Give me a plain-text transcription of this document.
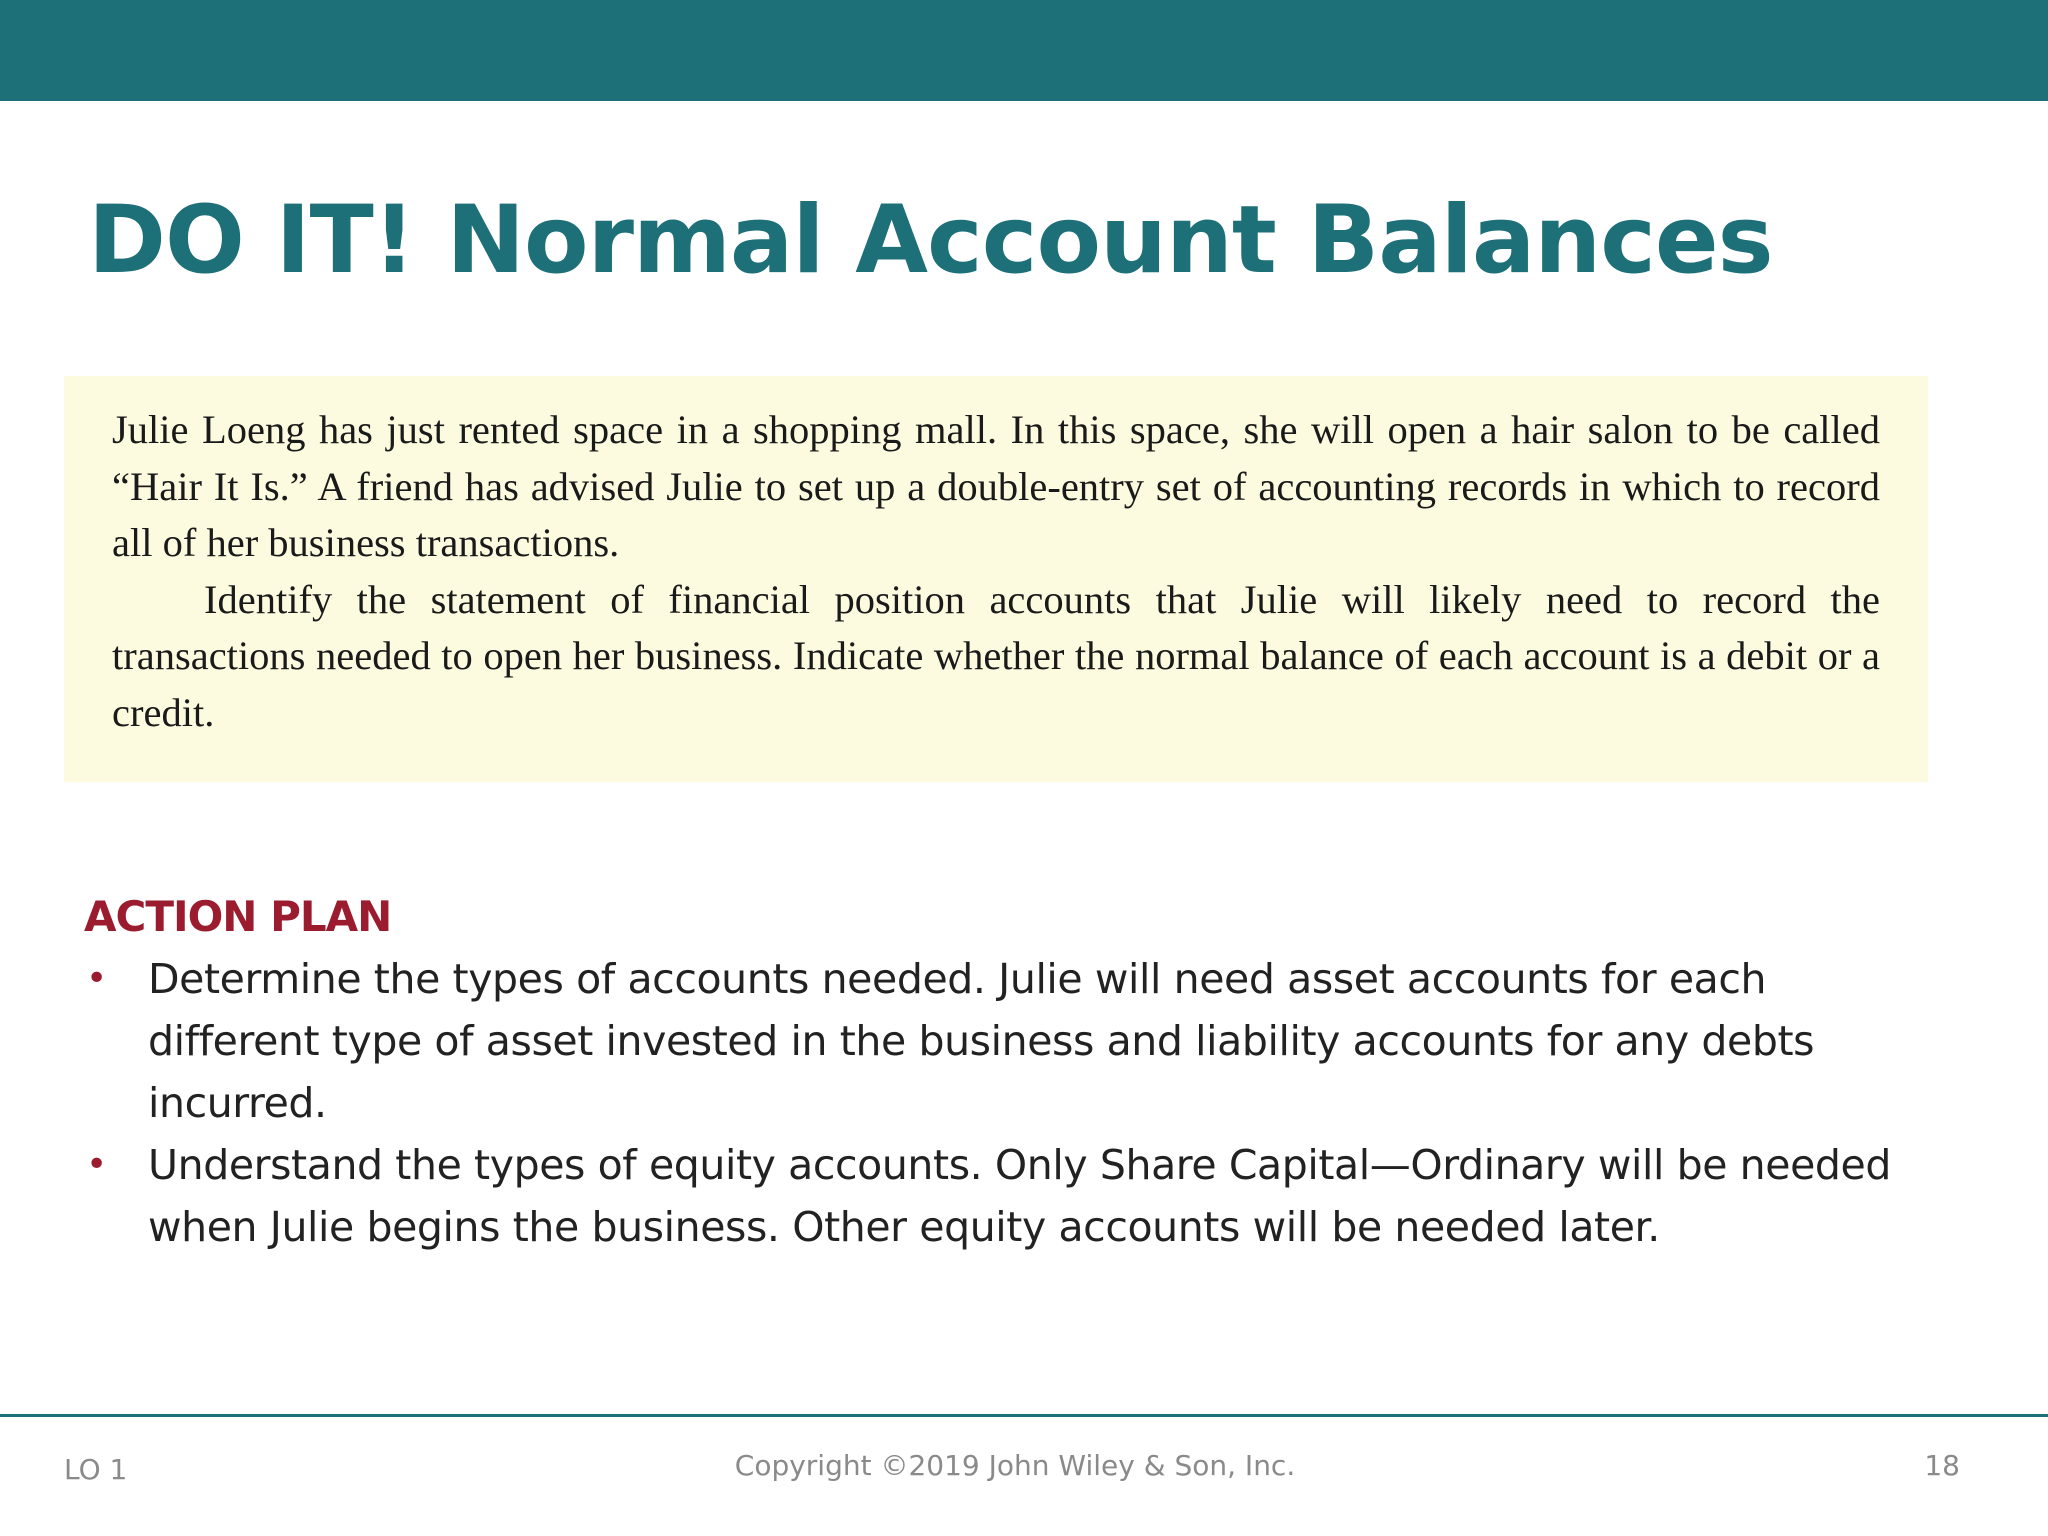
DO IT! Normal Account Balances

Julie Loeng has just rented space in a shopping mall. In this space, she will open a hair salon to be called “Hair It Is.” A friend has advised Julie to set up a double-entry set of accounting records in which to record all of her business transactions.

Identify the statement of financial position accounts that Julie will likely need to record the transactions needed to open her business. Indicate whether the normal balance of each account is a debit or a credit.

ACTION PLAN
• Determine the types of accounts needed. Julie will need asset accounts for each different type of asset invested in the business and liability accounts for any debts incurred.
• Understand the types of equity accounts. Only Share Capital—Ordinary will be needed when Julie begins the business. Other equity accounts will be needed later.
LO 1	Copyright ©2019 John Wiley & Son, Inc.	18
